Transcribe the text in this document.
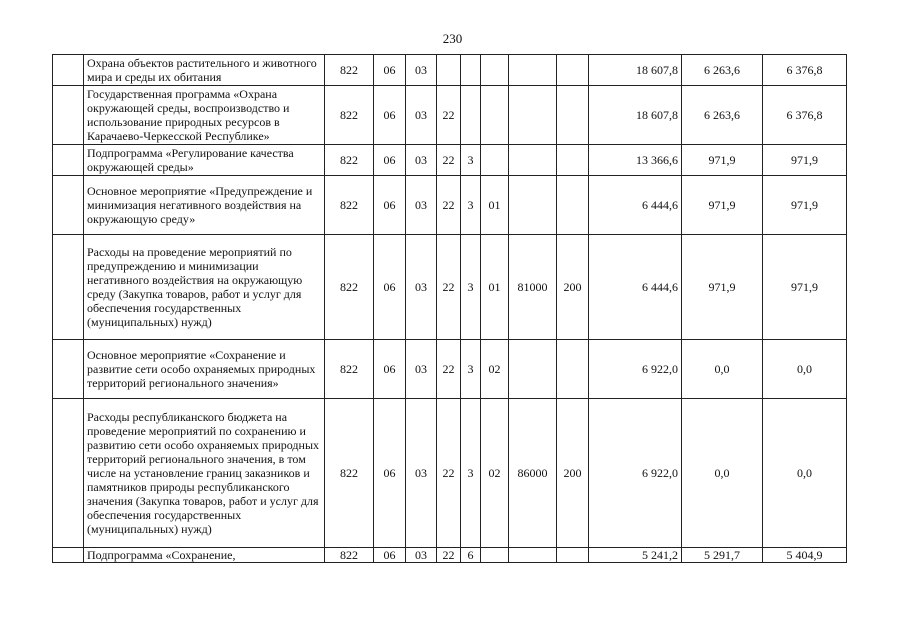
230
	Охрана объектов растительного и животного мира и среды их обитания	822	06	03						18 607,8	6 263,6	6 376,8
	Государственная программа «Охрана окружающей среды, воспроизводство и использование природных ресурсов в Карачаево-Черкесской Республике»	822	06	03	22					18 607,8	6 263,6	6 376,8
	Подпрограмма «Регулирование качества окружающей среды»	822	06	03	22	3				13 366,6	971,9	971,9
	Основное мероприятие «Предупреждение и минимизация негативного воздействия на окружающую среду»	822	06	03	22	3	01			6 444,6	971,9	971,9
	Расходы на проведение мероприятий по предупреждению и минимизации негативного воздействия на окружающую среду (Закупка товаров, работ и услуг для обеспечения государственных (муниципальных) нужд)	822	06	03	22	3	01	81000	200	6 444,6	971,9	971,9
	Основное мероприятие «Сохранение и развитие сети особо охраняемых природных территорий регионального значения»	822	06	03	22	3	02			6 922,0	0,0	0,0
	Расходы республиканского бюджета на проведение мероприятий по сохранению и развитию сети особо охраняемых природных территорий регионального значения, в том числе на установление границ заказников и памятников природы республиканского значения (Закупка товаров, работ и услуг для обеспечения государственных (муниципальных) нужд)	822	06	03	22	3	02	86000	200	6 922,0	0,0	0,0
	Подпрограмма «Сохранение,	822	06	03	22	6				5 241,2	5 291,7	5 404,9
